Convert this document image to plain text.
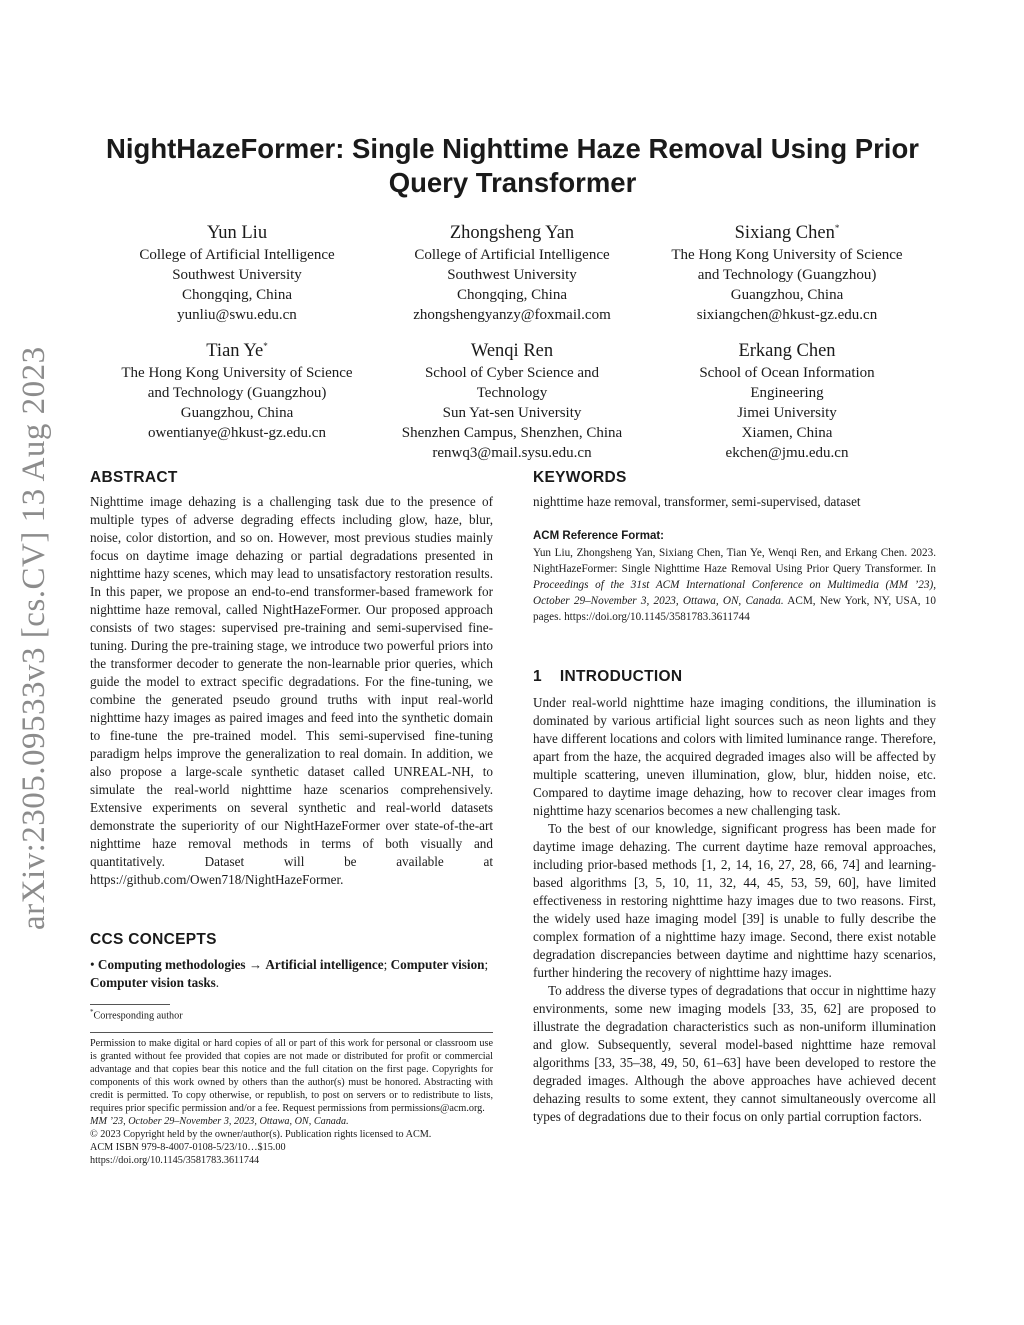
arXiv:2305.09533v3 [cs.CV] 13 Aug 2023
NightHazeFormer: Single Nighttime Haze Removal Using Prior Query Transformer
Yun Liu
College of Artificial Intelligence
Southwest University
Chongqing, China
yunliu@swu.edu.cn
Zhongsheng Yan
College of Artificial Intelligence
Southwest University
Chongqing, China
zhongshengyanzy@foxmail.com
Sixiang Chen*
The Hong Kong University of Science
and Technology (Guangzhou)
Guangzhou, China
sixiangchen@hkust-gz.edu.cn
Tian Ye*
The Hong Kong University of Science
and Technology (Guangzhou)
Guangzhou, China
owentianye@hkust-gz.edu.cn
Wenqi Ren
School of Cyber Science and
Technology
Sun Yat-sen University
Shenzhen Campus, Shenzhen, China
renwq3@mail.sysu.edu.cn
Erkang Chen
School of Ocean Information
Engineering
Jimei University
Xiamen, China
ekchen@jmu.edu.cn
ABSTRACT

Nighttime image dehazing is a challenging task due to the presence of multiple types of adverse degrading effects including glow, haze, blur, noise, color distortion, and so on. However, most previous studies mainly focus on daytime image dehazing or partial degradations presented in nighttime hazy scenes, which may lead to unsatisfactory restoration results. In this paper, we propose an end-to-end transformer-based framework for nighttime haze removal, called NightHazeFormer. Our proposed approach consists of two stages: supervised pre-training and semi-supervised fine-tuning. During the pre-training stage, we introduce two powerful priors into the transformer decoder to generate the non-learnable prior queries, which guide the model to extract specific degradations. For the fine-tuning, we combine the generated pseudo ground truths with input real-world nighttime hazy images as paired images and feed into the synthetic domain to fine-tune the pre-trained model. This semi-supervised fine-tuning paradigm helps improve the generalization to real domain. In addition, we also propose a large-scale synthetic dataset called UNREAL-NH, to simulate the real-world nighttime haze scenarios comprehensively. Extensive experiments on several synthetic and real-world datasets demonstrate the superiority of our NightHazeFormer over state-of-the-art nighttime haze removal methods in terms of both visually and quantitatively. Dataset will be available at https://github.com/Owen718/NightHazeFormer.

CCS CONCEPTS

• Computing methodologies → Artificial intelligence; Computer vision; Computer vision tasks.

*Corresponding author

Permission to make digital or hard copies of all or part of this work for personal or classroom use is granted without fee provided that copies are not made or distributed for profit or commercial advantage and that copies bear this notice and the full citation on the first page. Copyrights for components of this work owned by others than the author(s) must be honored. Abstracting with credit is permitted. To copy otherwise, or republish, to post on servers or to redistribute to lists, requires prior specific permission and/or a fee. Request permissions from permissions@acm.org.

MM ’23, October 29–November 3, 2023, Ottawa, ON, Canada.

© 2023 Copyright held by the owner/author(s). Publication rights licensed to ACM.

ACM ISBN 979-8-4007-0108-5/23/10…$15.00

https://doi.org/10.1145/3581783.3611744

KEYWORDS

nighttime haze removal, transformer, semi-supervised, dataset

ACM Reference Format:

Yun Liu, Zhongsheng Yan, Sixiang Chen, Tian Ye, Wenqi Ren, and Erkang Chen. 2023. NightHazeFormer: Single Nighttime Haze Removal Using Prior Query Transformer. In Proceedings of the 31st ACM International Conference on Multimedia (MM ’23), October 29–November 3, 2023, Ottawa, ON, Canada. ACM, New York, NY, USA, 10 pages. https://doi.org/10.1145/3581783.3611744

1 INTRODUCTION

Under real-world nighttime haze imaging conditions, the illumination is dominated by various artificial light sources such as neon lights and they have different locations and colors with limited luminance range. Therefore, apart from the haze, the acquired degraded images also will be affected by multiple scattering, uneven illumination, glow, blur, hidden noise, etc. Compared to daytime image dehazing, how to recover clear images from nighttime hazy scenarios becomes a new challenging task.

To the best of our knowledge, significant progress has been made for daytime image dehazing. The current daytime haze removal approaches, including prior-based methods [1, 2, 14, 16, 27, 28, 66, 74] and learning-based algorithms [3, 5, 10, 11, 32, 44, 45, 53, 59, 60], have limited effectiveness in restoring nighttime hazy images due to two reasons. First, the widely used haze imaging model [39] is unable to fully describe the complex formation of a nighttime hazy image. Second, there exist notable degradation discrepancies between daytime and nighttime hazy scenarios, further hindering the recovery of nighttime hazy images.

To address the diverse types of degradations that occur in nighttime hazy environments, some new imaging models [33, 35, 62] are proposed to illustrate the degradation characteristics such as non-uniform illumination and glow. Subsequently, several model-based nighttime haze removal algorithms [33, 35–38, 49, 50, 61–63] have been developed to restore the degraded images. Although the above approaches have achieved decent dehazing results to some extent, they cannot simultaneously overcome all types of degradations due to their focus on only partial corruption factors.
